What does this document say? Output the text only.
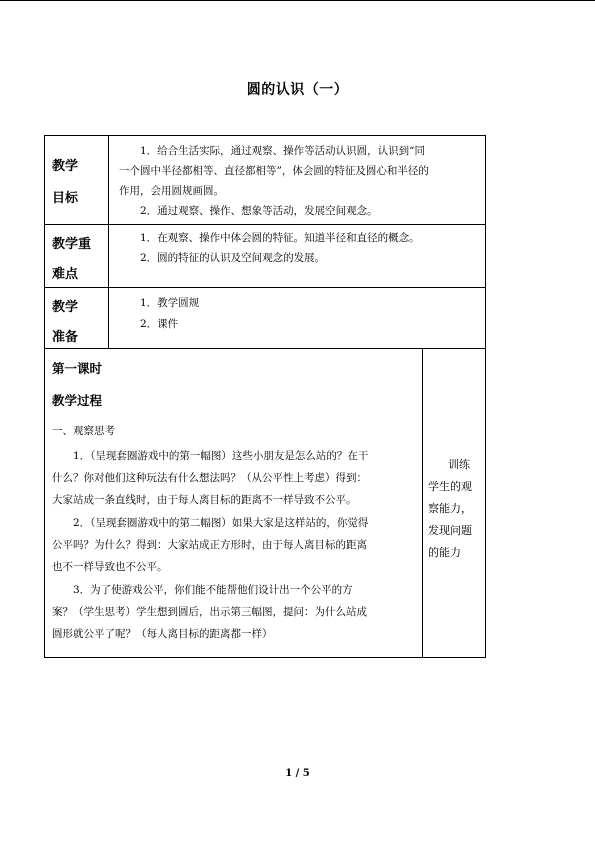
圆的认识（一）
教学
目标
1．给合生活实际，通过观察、操作等活动认识圆，认识到“同
一个圆中半径都相等、直径都相等”，体会圆的特征及圆心和半径的
作用，会用圆规画圆。
2．通过观察、操作、想象等活动，发展空间观念。
教学重
难点
1．在观察、操作中体会圆的特征。知道半径和直径的概念。
2．圆的特征的认识及空间观念的发展。
教学
准备
1．教学圆规
2．课件
第一课时
教学过程
一、观察思考
1．（呈现套圈游戏中的第一幅图）这些小朋友是怎么站的？在干
什么？你对他们这种玩法有什么想法吗？（从公平性上考虑）得到：
大家站成一条直线时，由于每人离目标的距离不一样导致不公平。
2．（呈现套圈游戏中的第二幅图）如果大家是这样站的，你觉得
公平吗？为什么？得到：大家站成正方形时，由于每人离目标的距离
也不一样导致也不公平。
3．为了使游戏公平，你们能不能帮他们设计出一个公平的方
案？（学生思考）学生想到圆后，出示第三幅图，提问：为什么站成
圆形就公平了呢？（每人离目标的距离都一样）
训练
学生的观
察能力，
发现问题
的能力
1 / 5
